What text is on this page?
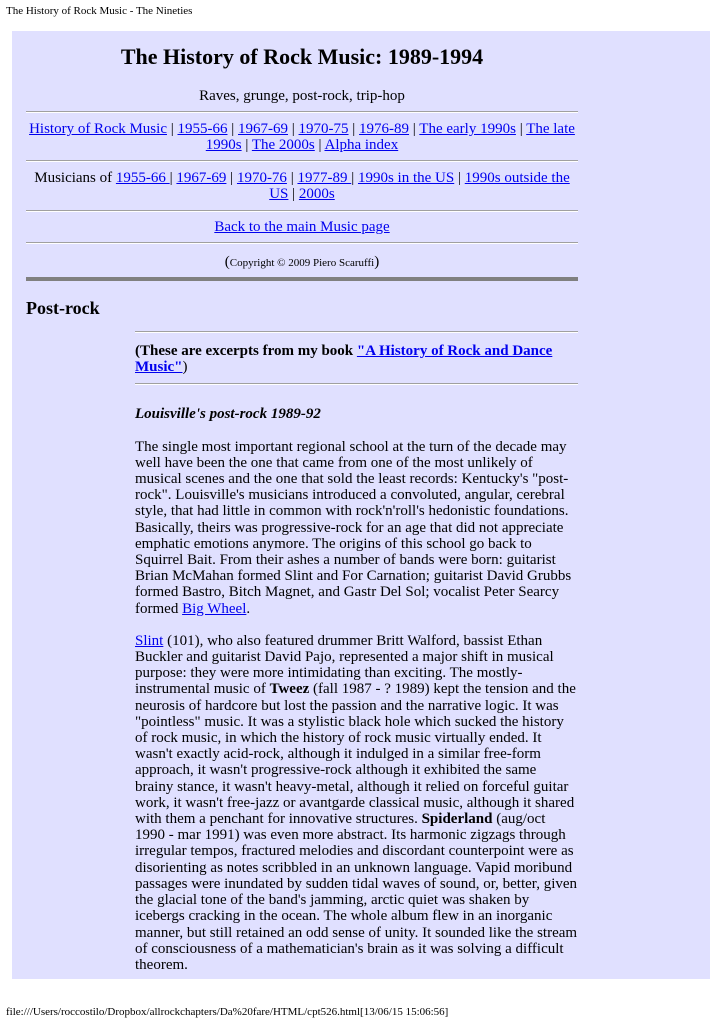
The History of Rock Music - The Nineties
The History of Rock Music: 1989-1994
Raves, grunge, post-rock, trip-hop
History of Rock Music | 1955-66 | 1967-69 | 1970-75 | 1976-89 | The early 1990s | The late 1990s | The 2000s | Alpha index
Musicians of 1955-66 | 1967-69 | 1970-76 | 1977-89 | 1990s in the US | 1990s outside the US | 2000s
Back to the main Music page
(Copyright © 2009 Piero Scaruffi)
Post-rock
(These are excerpts from my book "A History of Rock and Dance Music")
Louisville's post-rock 1989-92

The single most important regional school at the turn of the decade may well have been the one that came from one of the most unlikely of musical scenes and the one that sold the least records: Kentucky's "post-rock". Louisville's musicians introduced a convoluted, angular, cerebral style, that had little in common with rock'n'roll's hedonistic foundations. Basically, theirs was progressive-rock for an age that did not appreciate emphatic emotions anymore. The origins of this school go back to Squirrel Bait. From their ashes a number of bands were born: guitarist Brian McMahan formed Slint and For Carnation; guitarist David Grubbs formed Bastro, Bitch Magnet, and Gastr Del Sol; vocalist Peter Searcy formed Big Wheel.

Slint (101), who also featured drummer Britt Walford, bassist Ethan Buckler and guitarist David Pajo, represented a major shift in musical purpose: they were more intimidating than exciting. The mostly-instrumental music of Tweez (fall 1987 - ? 1989) kept the tension and the neurosis of hardcore but lost the passion and the narrative logic. It was "pointless" music. It was a stylistic black hole which sucked the history of rock music, in which the history of rock music virtually ended. It wasn't exactly acid-rock, although it indulged in a similar free-form approach, it wasn't progressive-rock although it exhibited the same brainy stance, it wasn't heavy-metal, although it relied on forceful guitar work, it wasn't free-jazz or avantgarde classical music, although it shared with them a penchant for innovative structures. Spiderland (aug/oct 1990 - mar 1991) was even more abstract. Its harmonic zigzags through irregular tempos, fractured melodies and discordant counterpoint were as disorienting as notes scribbled in an unknown language. Vapid moribund passages were inundated by sudden tidal waves of sound, or, better, given the glacial tone of the band's jamming, arctic quiet was shaken by icebergs cracking in the ocean. The whole album flew in an inorganic manner, but still retained an odd sense of unity. It sounded like the stream of consciousness of a mathematician's brain as it was solving a difficult theorem.

file:///Users/roccostilo/Dropbox/allrockchapters/Da%20fare/HTML/cpt526.html[13/06/15 15:06:56]
